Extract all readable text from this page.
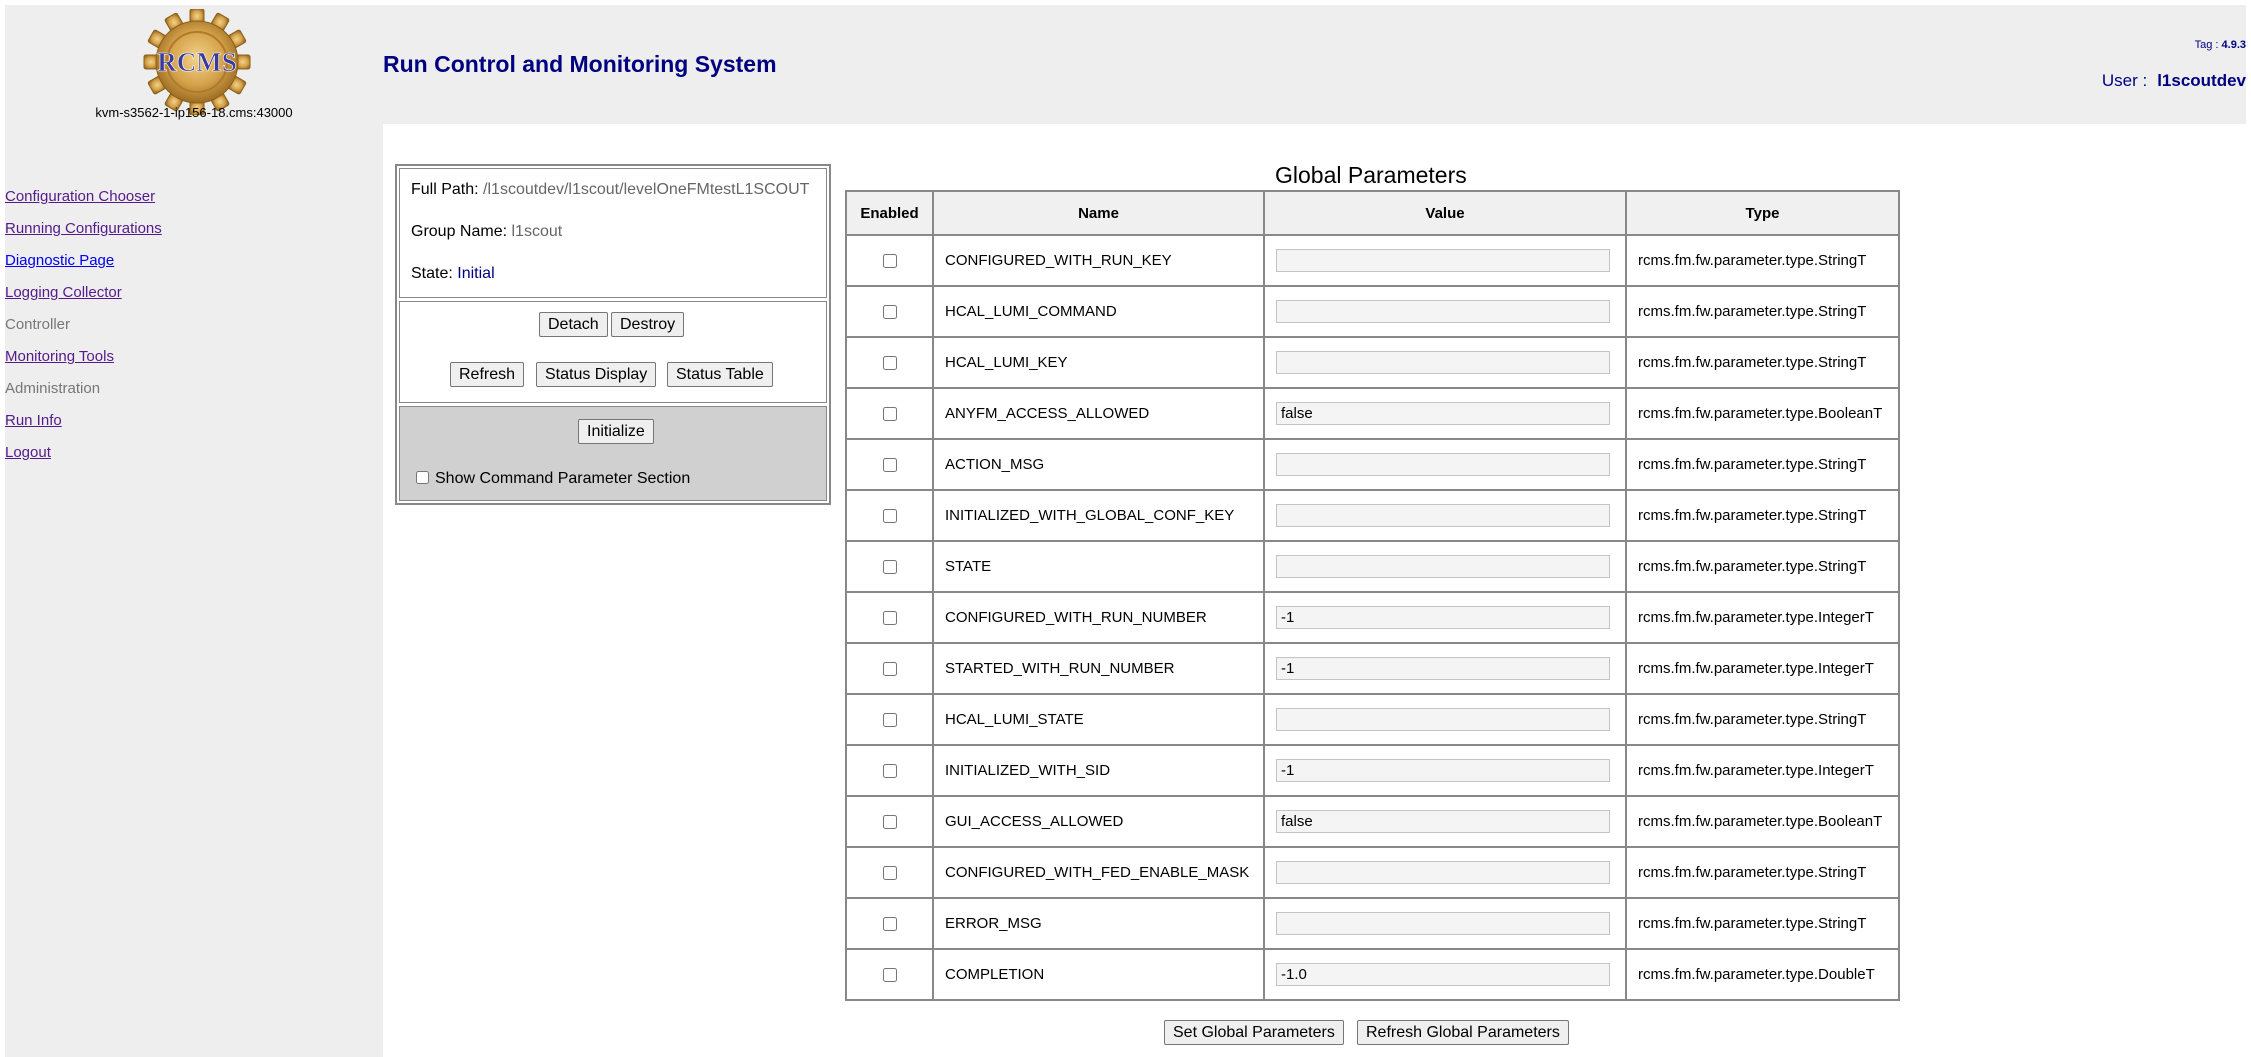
RCMS
kvm-s3562-1-ip156-18.cms:43000
Run Control and Monitoring System
Tag : 4.9.3
User : l1scoutdev
Configuration Chooser
Running Configurations
Diagnostic Page
Logging Collector
Controller
Monitoring Tools
Administration
Run Info
Logout
Full Path: /l1scoutdev/l1scout/levelOneFMtestL1SCOUT
Group Name: l1scout
State: Initial
Detach	Destroy
Refresh	Status Display	Status Table
Initialize
Show Command Parameter Section
Global Parameters
Enabled	Name	Value	Type
	CONFIGURED_WITH_RUN_KEY		rcms.fm.fw.parameter.type.StringT
	HCAL_LUMI_COMMAND		rcms.fm.fw.parameter.type.StringT
	HCAL_LUMI_KEY		rcms.fm.fw.parameter.type.StringT
	ANYFM_ACCESS_ALLOWED	false	rcms.fm.fw.parameter.type.BooleanT
	ACTION_MSG		rcms.fm.fw.parameter.type.StringT
	INITIALIZED_WITH_GLOBAL_CONF_KEY		rcms.fm.fw.parameter.type.StringT
	STATE		rcms.fm.fw.parameter.type.StringT
	CONFIGURED_WITH_RUN_NUMBER	-1	rcms.fm.fw.parameter.type.IntegerT
	STARTED_WITH_RUN_NUMBER	-1	rcms.fm.fw.parameter.type.IntegerT
	HCAL_LUMI_STATE		rcms.fm.fw.parameter.type.StringT
	INITIALIZED_WITH_SID	-1	rcms.fm.fw.parameter.type.IntegerT
	GUI_ACCESS_ALLOWED	false	rcms.fm.fw.parameter.type.BooleanT
	CONFIGURED_WITH_FED_ENABLE_MASK		rcms.fm.fw.parameter.type.StringT
	ERROR_MSG		rcms.fm.fw.parameter.type.StringT
	COMPLETION	-1.0	rcms.fm.fw.parameter.type.DoubleT
Set Global Parameters	Refresh Global Parameters
